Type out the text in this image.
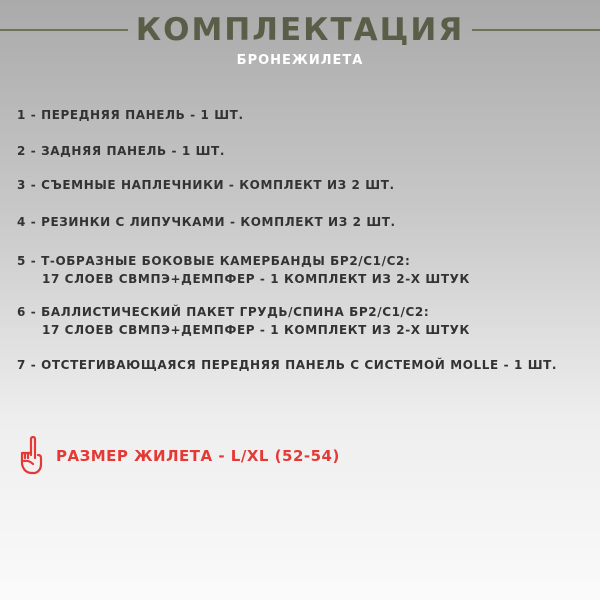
КОМПЛЕКТАЦИЯ
БРОНЕЖИЛЕТА
1 - ПЕРЕДНЯЯ ПАНЕЛЬ - 1 ШТ.
2 - ЗАДНЯЯ ПАНЕЛЬ - 1 ШТ.
3 - СЪЕМНЫЕ НАПЛЕЧНИКИ - КОМПЛЕКТ ИЗ 2 ШТ.
4 - РЕЗИНКИ С ЛИПУЧКАМИ - КОМПЛЕКТ ИЗ 2 ШТ.
5 - Т-ОБРАЗНЫЕ БОКОВЫЕ КАМЕРБАНДЫ БР2/С1/С2:
17 СЛОЕВ СВМПЭ+ДЕМПФЕР - 1 КОМПЛЕКТ ИЗ 2-Х ШТУК
6 - БАЛЛИСТИЧЕСКИЙ ПАКЕТ ГРУДЬ/СПИНА БР2/С1/С2:
17 СЛОЕВ СВМПЭ+ДЕМПФЕР - 1 КОМПЛЕКТ ИЗ 2-Х ШТУК
7 - ОТСТЕГИВАЮЩАЯСЯ ПЕРЕДНЯЯ ПАНЕЛЬ С СИСТЕМОЙ MOLLE - 1 ШТ.
РАЗМЕР ЖИЛЕТА - L/XL (52-54)
